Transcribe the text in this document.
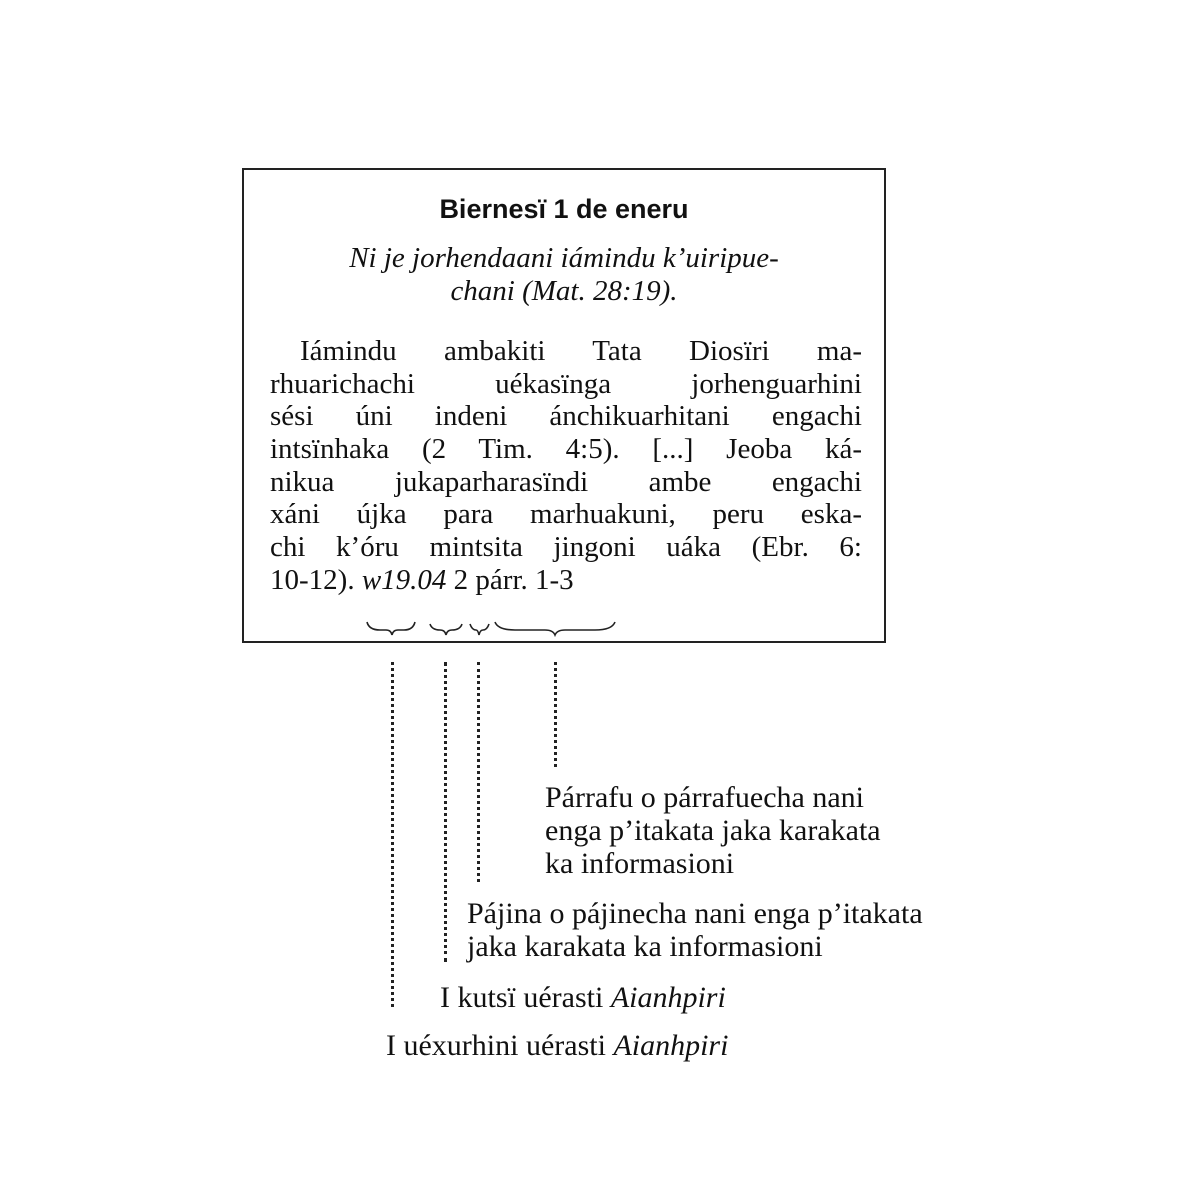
Biernesï 1 de eneru
Ni je jorhendaani iámindu k’uiripue-
chani (Mat. 28:19).
Iámindu ambakiti Tata Diosïri ma-
rhuarichachi uékasïnga jorhenguarhini
sési úni indeni ánchikuarhitani engachi
intsïnhaka (2 Tim. 4:5). [...] Jeoba ká-
nikua jukaparharasïndi ambe engachi
xáni újka para marhuakuni, peru eska-
chi k’óru mintsita jingoni uáka (Ebr. 6:
10-12). w19.04 2 párr. 1-3
Párrafu o párrafuecha nani
enga p’itakata jaka karakata
ka informasioni
Pájina o pájinecha nani enga p’itakata
jaka karakata ka informasioni
I kutsï uérasti Aianhpiri
I uéxurhini uérasti Aianhpiri
